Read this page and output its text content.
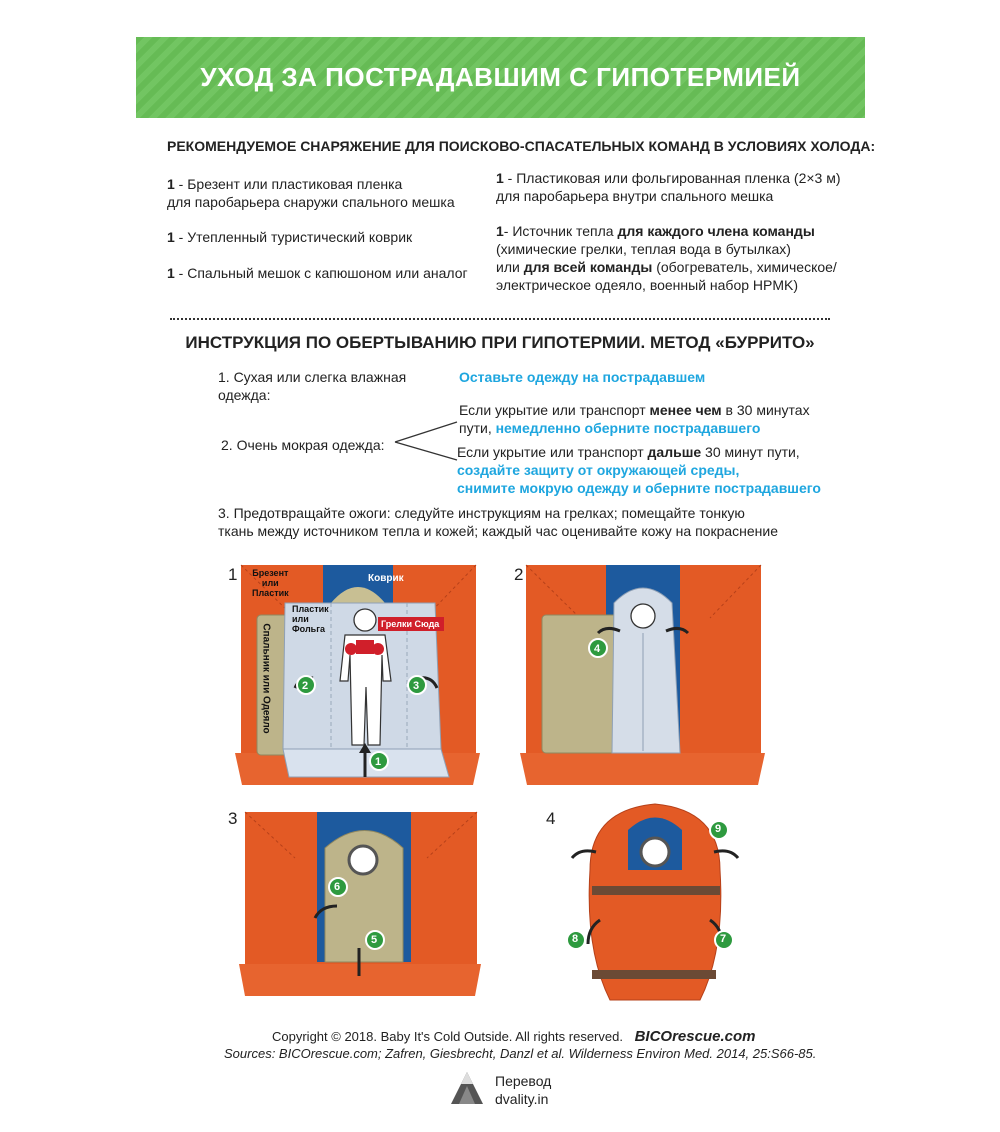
УХОД ЗА ПОСТРАДАВШИМ С ГИПОТЕРМИЕЙ
РЕКОМЕНДУЕМОЕ СНАРЯЖЕНИЕ ДЛЯ ПОИСКОВО-СПАСАТЕЛЬНЫХ КОМАНД В УСЛОВИЯХ ХОЛОДА:
1 - Брезент или пластиковая пленка
для паробарьера снаружи спального мешка
1 - Утепленный туристический коврик
1 - Спальный мешок с капюшоном или аналог
1 - Пластиковая или фольгированная пленка (2×3 м)
для паробарьера внутри спального мешка
1- Источник тепла для каждого члена команды
(химические грелки, теплая вода в бутылках)
или для всей команды (обогреватель, химическое/
электрическое одеяло, военный набор HPMK)
ИНСТРУКЦИЯ ПО ОБЕРТЫВАНИЮ ПРИ ГИПОТЕРМИИ. МЕТОД «БУРРИТО»
1. Сухая или слегка влажная
одежда:
Оставьте одежду на пострадавшем
2. Очень мокрая одежда:
Если укрытие или транспорт менее чем в 30 минутах
пути, немедленно оберните пострадавшего
Если укрытие или транспорт дальше 30 минут пути,
создайте защиту от окружающей среды,
снимите мокрую одежду и оберните пострадавшего
3. Предотвращайте ожоги: следуйте инструкциям на грелках; помещайте тонкую
ткань между источником тепла и кожей; каждый час оценивайте кожу на покраснение
1	2
3	4
Брезент
или
Пластик
Коврик
Пластик
или
Фольга	Грелки Сюда
Спальник или Одеяло	2	3
1
4
5
6
9
8	7
Copyright © 2018. Baby It's Cold Outside. All rights reserved. BICOrescue.com
Sources: BICOrescue.com; Zafren, Giesbrecht, Danzl et al. Wilderness Environ Med. 2014, 25:S66-85.
Перевод
dvality.in
